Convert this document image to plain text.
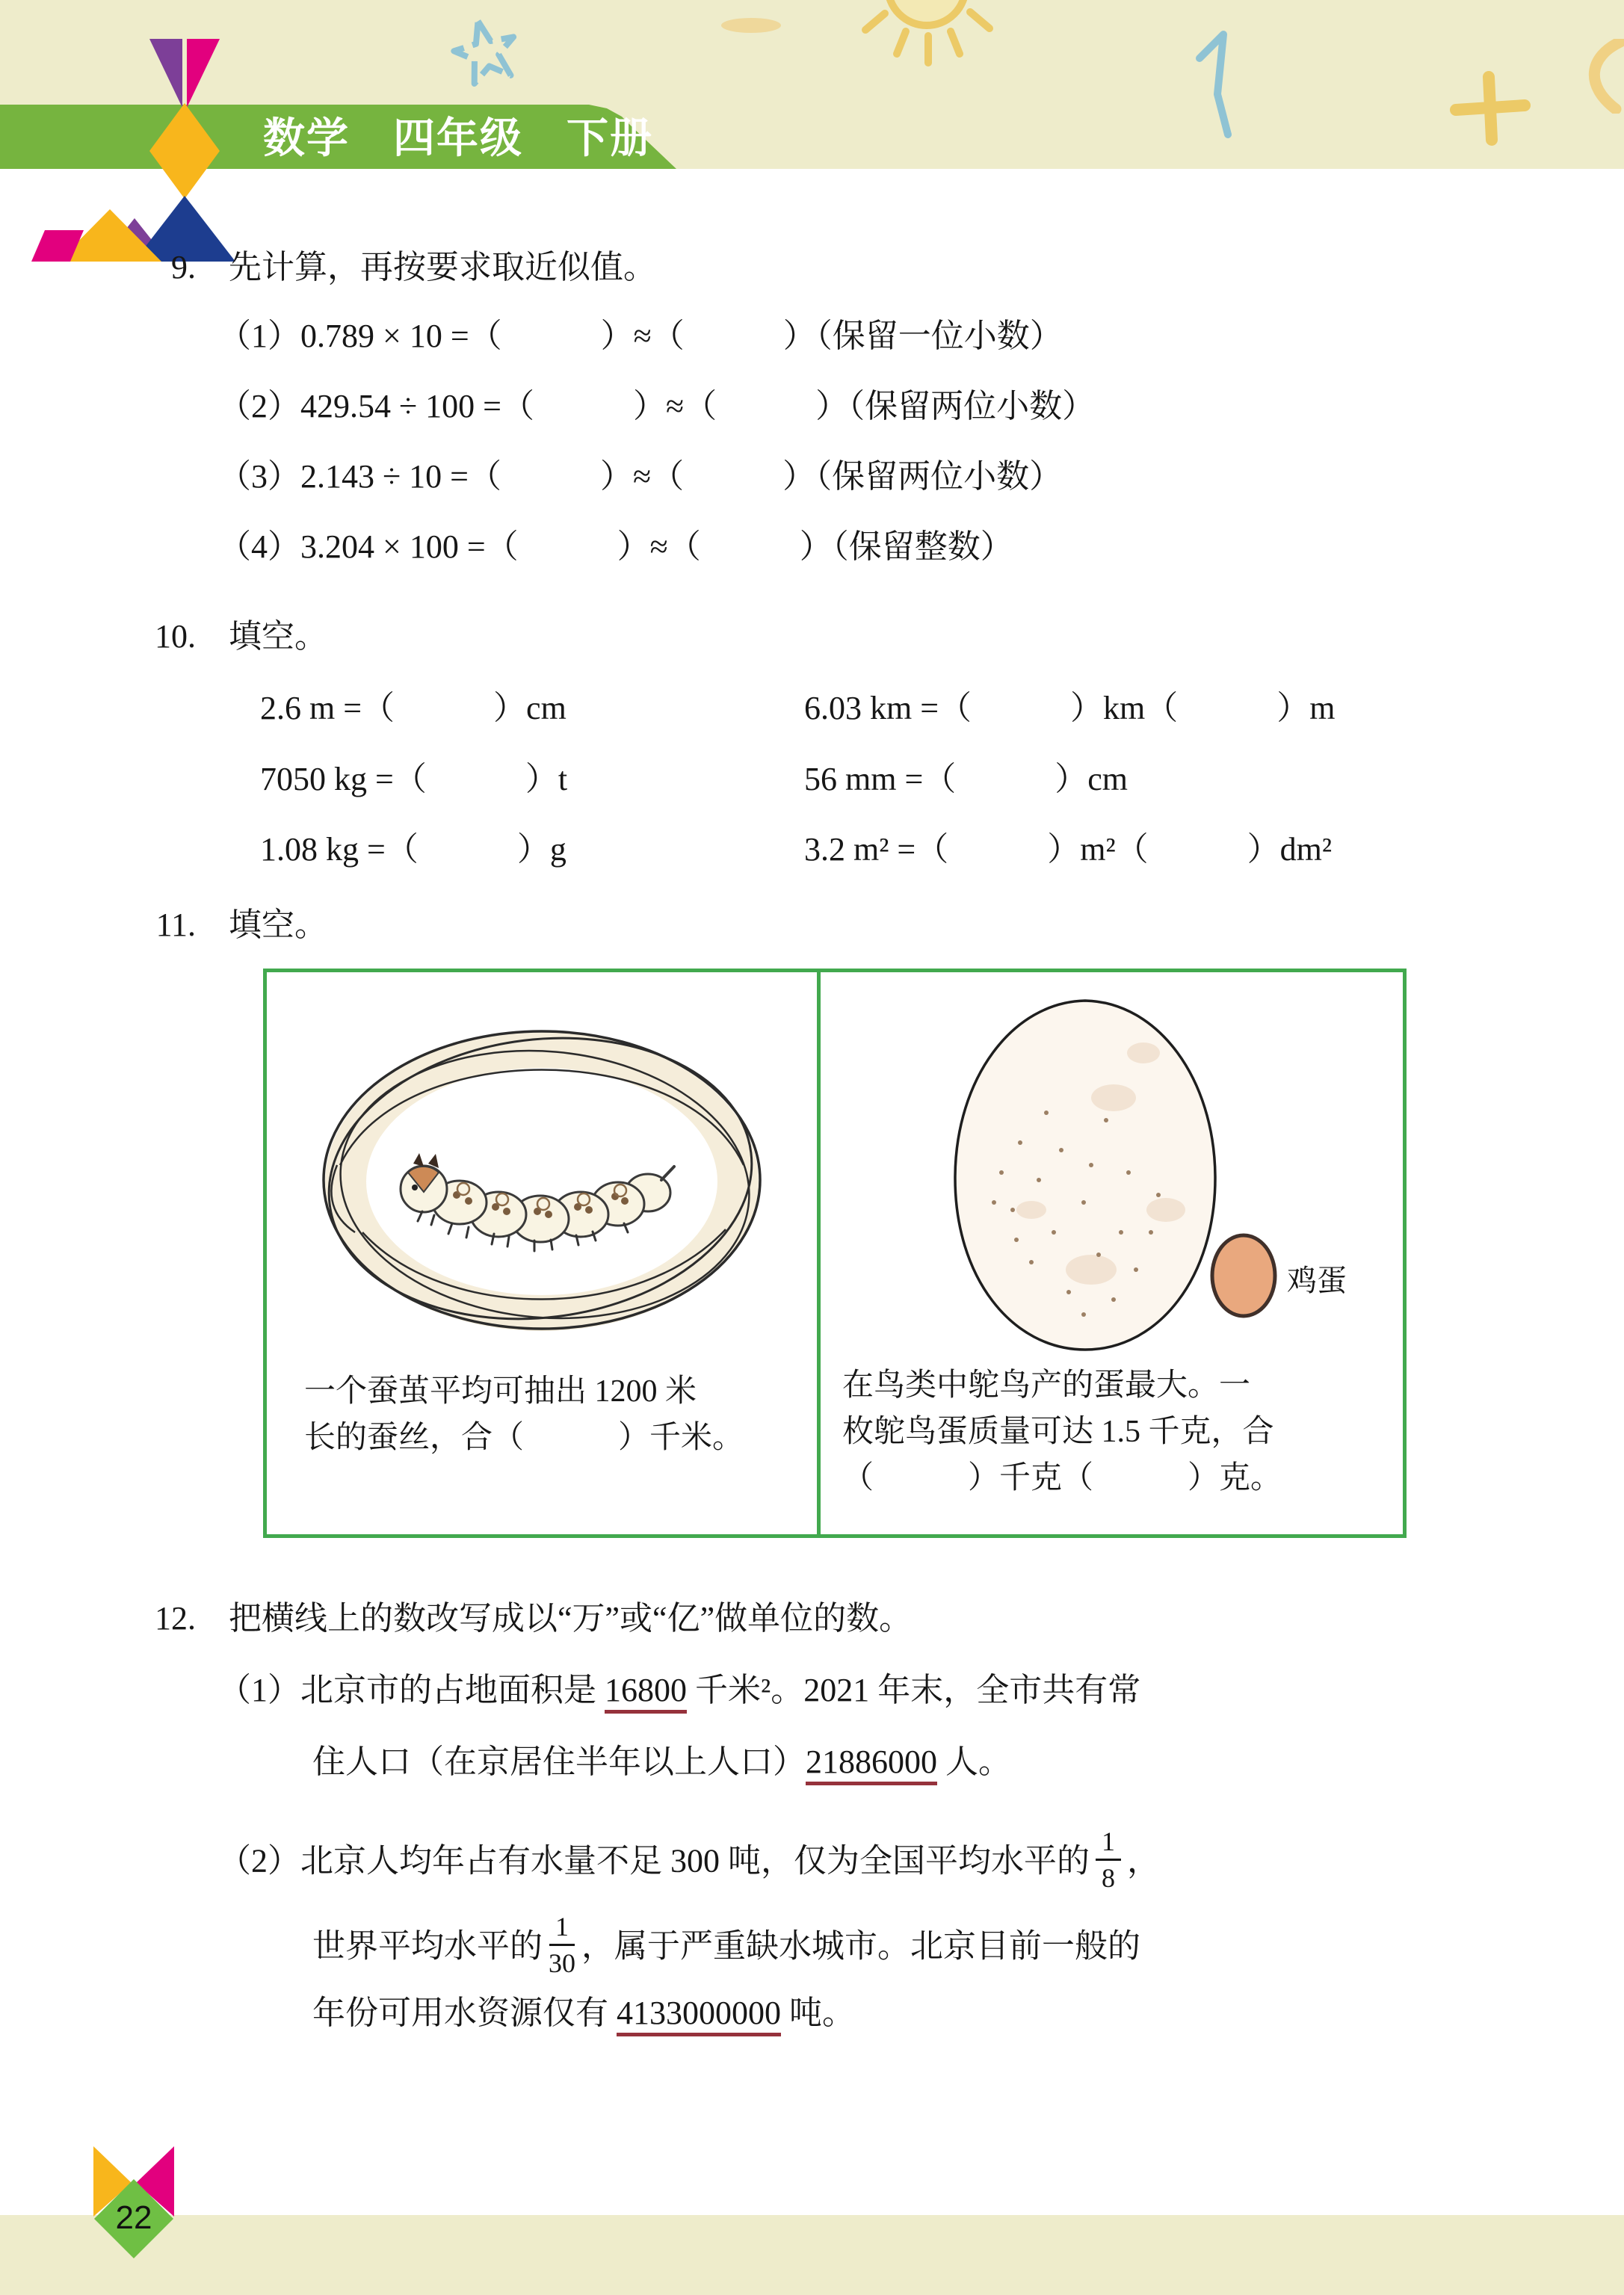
数学　四年级　下册
9. 先计算，再按要求取近似值。
（1）0.789 × 10 =（　　　）≈（　　　）（保留一位小数）
（2）429.54 ÷ 100 =（　　　）≈（　　　）（保留两位小数）
（3）2.143 ÷ 10 =（　　　）≈（　　　）（保留两位小数）
（4）3.204 × 100 =（　　　）≈（　　　）（保留整数）
10. 填空。
2.6 m =（　　　）cm	6.03 km =（　　　）km（　　　）m
7050 kg =（　　　）t	56 mm =（　　　）cm
1.08 kg =（　　　）g	3.2 m² =（　　　）m²（　　　）dm²
11. 填空。
鸡蛋
一个蚕茧平均可抽出 1200 米
长的蚕丝，合（　　　）千米。
在鸟类中鸵鸟产的蛋最大。一
枚鸵鸟蛋质量可达 1.5 千克，合
（　　　）千克（　　　）克。
12. 把横线上的数改写成以“万”或“亿”做单位的数。
（1）北京市的占地面积是 16800 千米²。2021 年末，全市共有常
住人口（在京居住半年以上人口）21886000 人。
（2）北京人均年占有水量不足 300 吨，仅为全国平均水平的 $\frac{1}{8}$ ，
世界平均水平的 $\frac{1}{30}$ ，属于严重缺水城市。北京目前一般的
年份可用水资源仅有 4133000000 吨。
22
